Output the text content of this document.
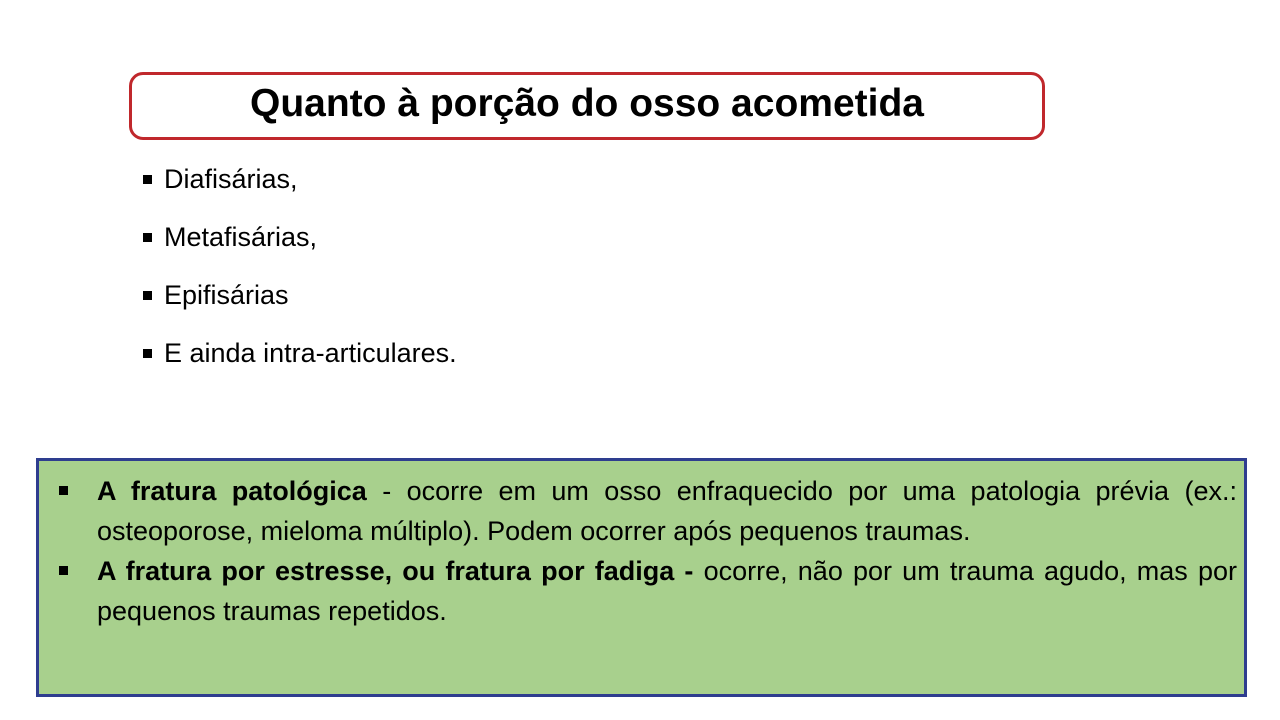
Quanto à porção do osso acometida
Diafisárias,
Metafisárias,
Epifisárias
E ainda intra-articulares.
A fratura patológica - ocorre em um osso enfraquecido por uma patologia prévia (ex.: osteoporose, mieloma múltiplo). Podem ocorrer após pequenos traumas.
A fratura por estresse, ou fratura por fadiga - ocorre, não por um trauma agudo, mas por pequenos traumas repetidos.
